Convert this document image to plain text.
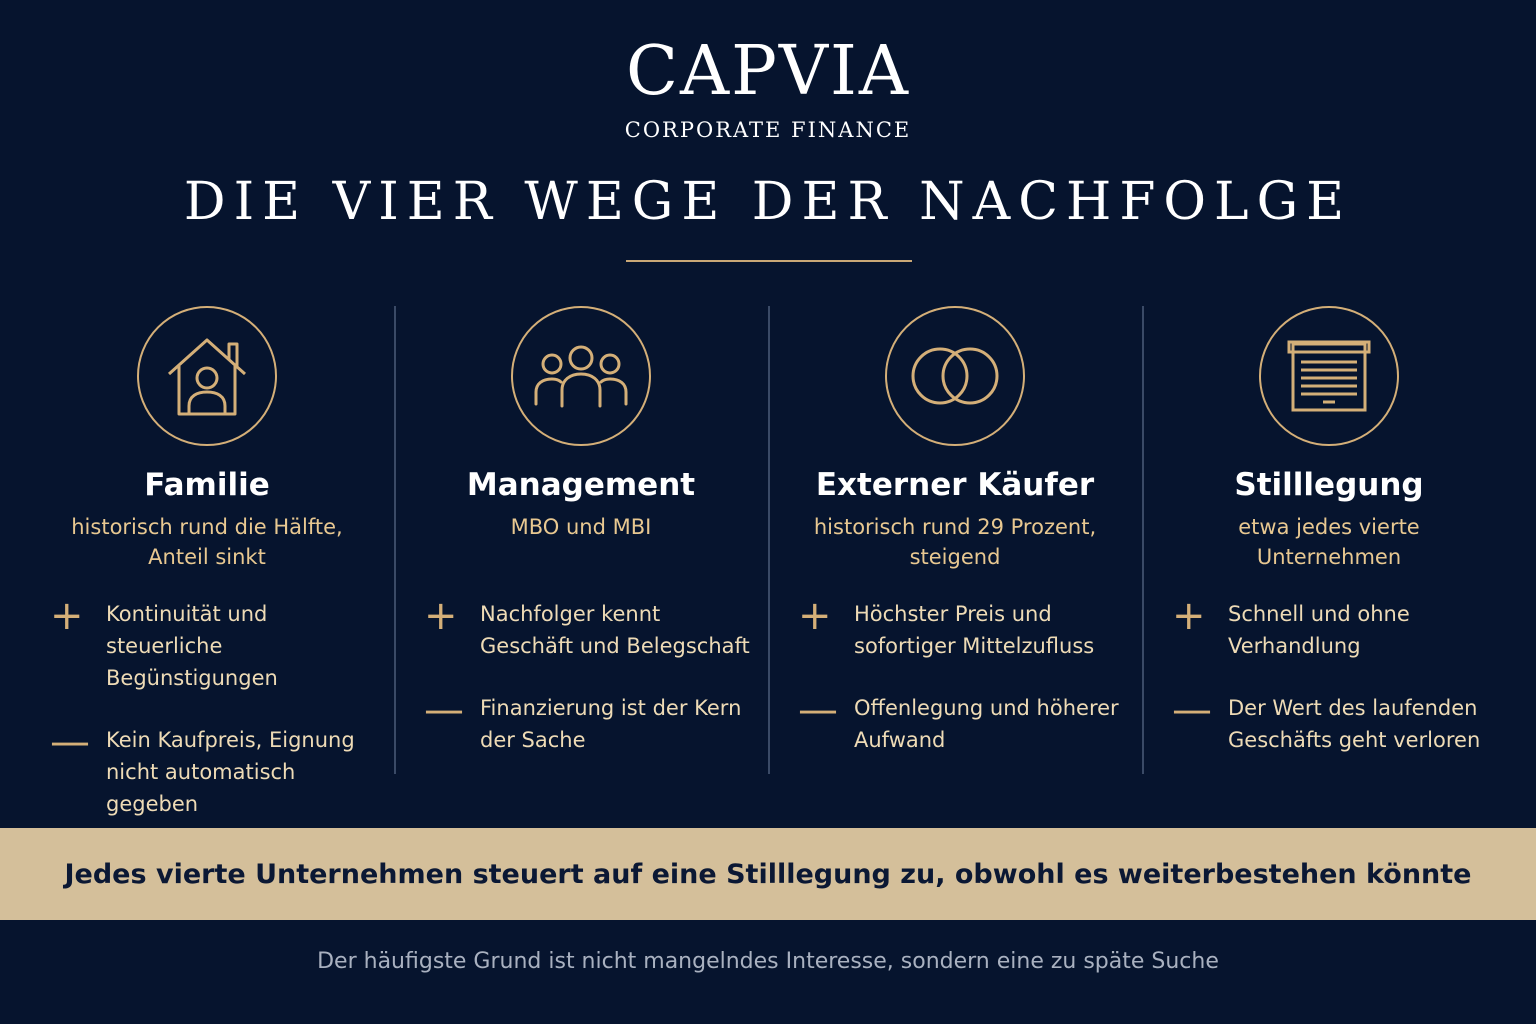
CAPVIA
CORPORATE FINANCE
DIE VIER WEGE DER NACHFOLGE
Familie
historisch rund die Hälfte, Anteil sinkt
+	Kontinuität und steuerliche Begünstigungen
— Kein Kaufpreis, Eignung nicht automatisch gegeben
Management
MBO und MBI
+	Nachfolger kennt Geschäft und Belegschaft
— Finanzierung ist der Kern der Sache
Externer Käufer
historisch rund 29 Prozent, steigend
+	Höchster Preis und sofortiger Mittelzufluss
— Offenlegung und höherer Aufwand
Stilllegung
etwa jedes vierte Unternehmen
+	Schnell und ohne Verhandlung
— Der Wert des laufenden Geschäfts geht verloren
Jedes vierte Unternehmen steuert auf eine Stilllegung zu, obwohl es weiterbestehen könnte
Der häufigste Grund ist nicht mangelndes Interesse, sondern eine zu späte Suche
